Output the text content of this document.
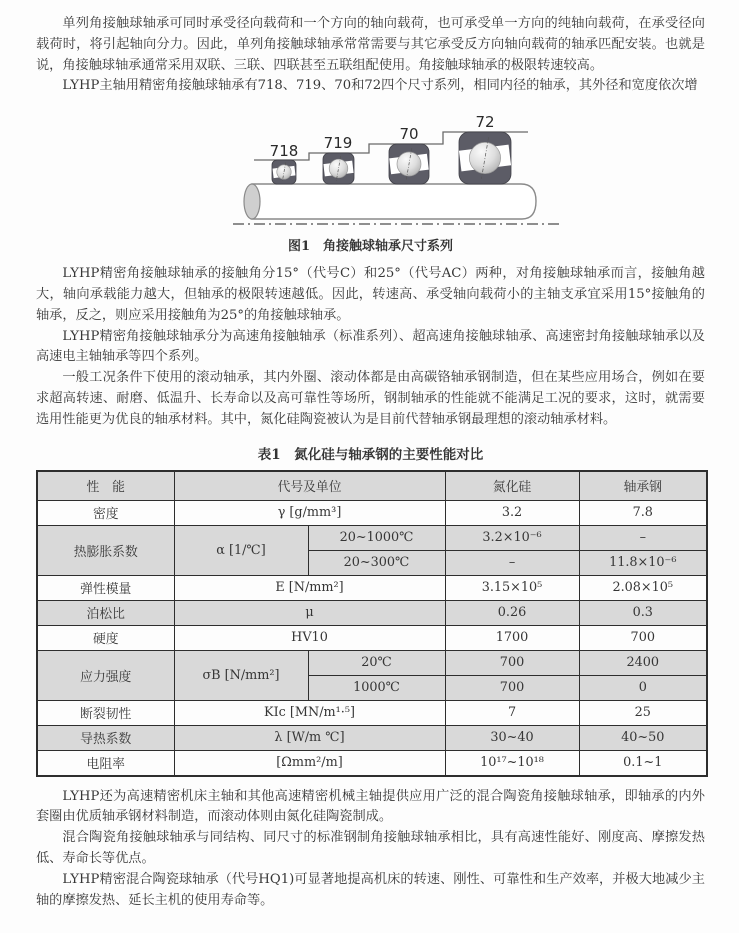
单列角接触球轴承可同时承受径向载荷和一个方向的轴向载荷，也可承受单一方向的纯轴向载荷，在承受径向载荷时，将引起轴向分力。因此，单列角接触球轴承常常需要与其它承受反方向轴向载荷的轴承匹配安装。也就是说，角接触球轴承通常采用双联、三联、四联甚至五联组配使用。角接触球轴承的极限转速较高。

LYHP主轴用精密角接触球轴承有718、719、70和72四个尺寸系列，相同内径的轴承，其外径和宽度依次增

718 719	70
72
图1　角接触球轴承尺寸系列

LYHP精密角接触球轴承的接触角分15°（代号C）和25°（代号AC）两种，对角接触球轴承而言，接触角越大，轴向承载能力越大，但轴承的极限转速越低。因此，转速高、承受轴向载荷小的主轴支承宜采用15°接触角的轴承，反之，则应采用接触角为25°的角接触球轴承。

LYHP精密角接触球轴承分为高速角接触轴承（标准系列）、超高速角接触球轴承、高速密封角接触球轴承以及高速电主轴轴承等四个系列。

一般工况条件下使用的滚动轴承，其内外圈、滚动体都是由高碳铬轴承钢制造，但在某些应用场合，例如在要求超高转速、耐磨、低温升、长寿命以及高可靠性等场所，钢制轴承的性能就不能满足工况的要求，这时，就需要选用性能更为优良的轴承材料。其中，氮化硅陶瓷被认为是目前代替轴承钢最理想的滚动轴承材料。

表1　氮化硅与轴承钢的主要性能对比
性　能	代号及单位		氮化硅	轴承钢
密度	γ [g/mm³]		3.2	7.8
热膨胀系数	α [1/℃]	20~1000℃	3.2×10⁻⁶	–
		20~300℃	–	11.8×10⁻⁶
弹性模量	E [N/mm²]		3.15×10⁵	2.08×10⁵
泊松比	μ		0.26	0.3
硬度	HV10		1700	700
应力强度	σB [N/mm²]	20℃	700	2400
		1000℃	700	0
断裂韧性	KIc [MN/m¹·⁵]		7	25
导热系数	λ [W/m ℃]		30~40	40~50
电阻率	[Ωmm²/m]		10¹⁷~10¹⁸	0.1~1

LYHP还为高速精密机床主轴和其他高速精密机械主轴提供应用广泛的混合陶瓷角接触球轴承，即轴承的内外套圈由优质轴承钢材料制造，而滚动体则由氮化硅陶瓷制成。

混合陶瓷角接触球轴承与同结构、同尺寸的标准钢制角接触球轴承相比，具有高速性能好、刚度高、摩擦发热低、寿命长等优点。

LYHP精密混合陶瓷球轴承（代号HQ1)可显著地提高机床的转速、刚性、可靠性和生产效率，并极大地减少主轴的摩擦发热、延长主机的使用寿命等。
